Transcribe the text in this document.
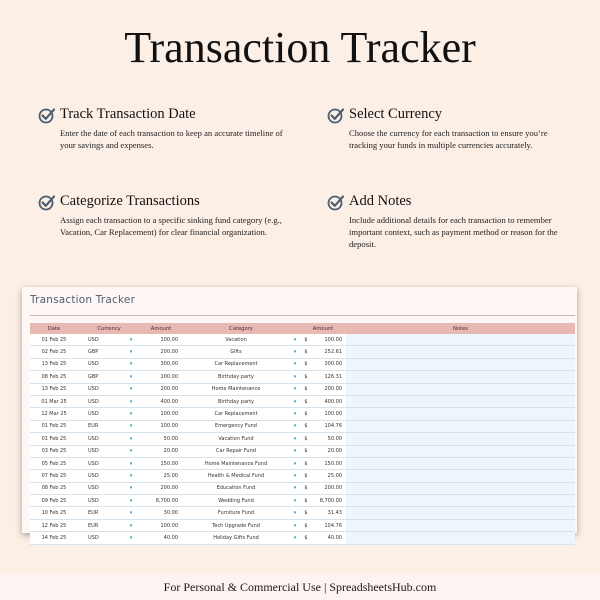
Transaction Tracker
Track Transaction Date
Enter the date of each transaction to keep an accurate timeline of your savings and expenses.
Select Currency
Choose the currency for each transaction to ensure you’re tracking your funds in multiple currencies accurately.
Categorize Transactions
Assign each transaction to a specific sinking fund category (e.g., Vacation, Car Replacement) for clear financial organization.
Add Notes
Include additional details for each transaction to remember important context, such as payment method or reason for the deposit.
Transaction Tracker
Date	Currency	Amount	Category	Amount	Notes
01 Feb 25	USD	▾	100.00	Vacation	▾	$	100.00
02 Feb 25	GBP	▾	200.00	Gifts	▾	$	252.61
13 Feb 25	USD	▾	300.00	Car Replacement	▾	$	300.00
08 Feb 25	GBP	▾	100.00	Birthday party	▾	$	126.31
13 Feb 25	USD	▾	200.00	Home Maintenance	▾	$	200.00
01 Mar 25	USD	▾	400.00	Birthday party	▾	$	400.00
12 Mar 25	USD	▾	100.00	Car Replacement	▾	$	100.00
01 Feb 25	EUR	▾	100.00	Emergency Fund	▾	$	104.76
01 Feb 25	USD	▾	50.00	Vacation Fund	▾	$	50.00
03 Feb 25	USD	▾	20.00	Car Repair Fund	▾	$	20.00
05 Feb 25	USD	▾	150.00	Home Maintenance Fund	▾	$	150.00
07 Feb 25	USD	▾	25.00	Health & Medical Fund	▾	$	25.00
08 Feb 25	USD	▾	200.00	Education Fund	▾	$	200.00
09 Feb 25	USD	▾	8,700.00	Wedding Fund	▾	$	8,700.00
10 Feb 25	EUR	▾	30.00	Furniture Fund	▾	$	31.43
12 Feb 25	EUR	▾	100.00	Tech Upgrade Fund	▾	$	104.76
14 Feb 25	USD	▾	40.00	Holiday Gifts Fund	▾	$	40.00
For Personal & Commercial Use | SpreadsheetsHub.com
